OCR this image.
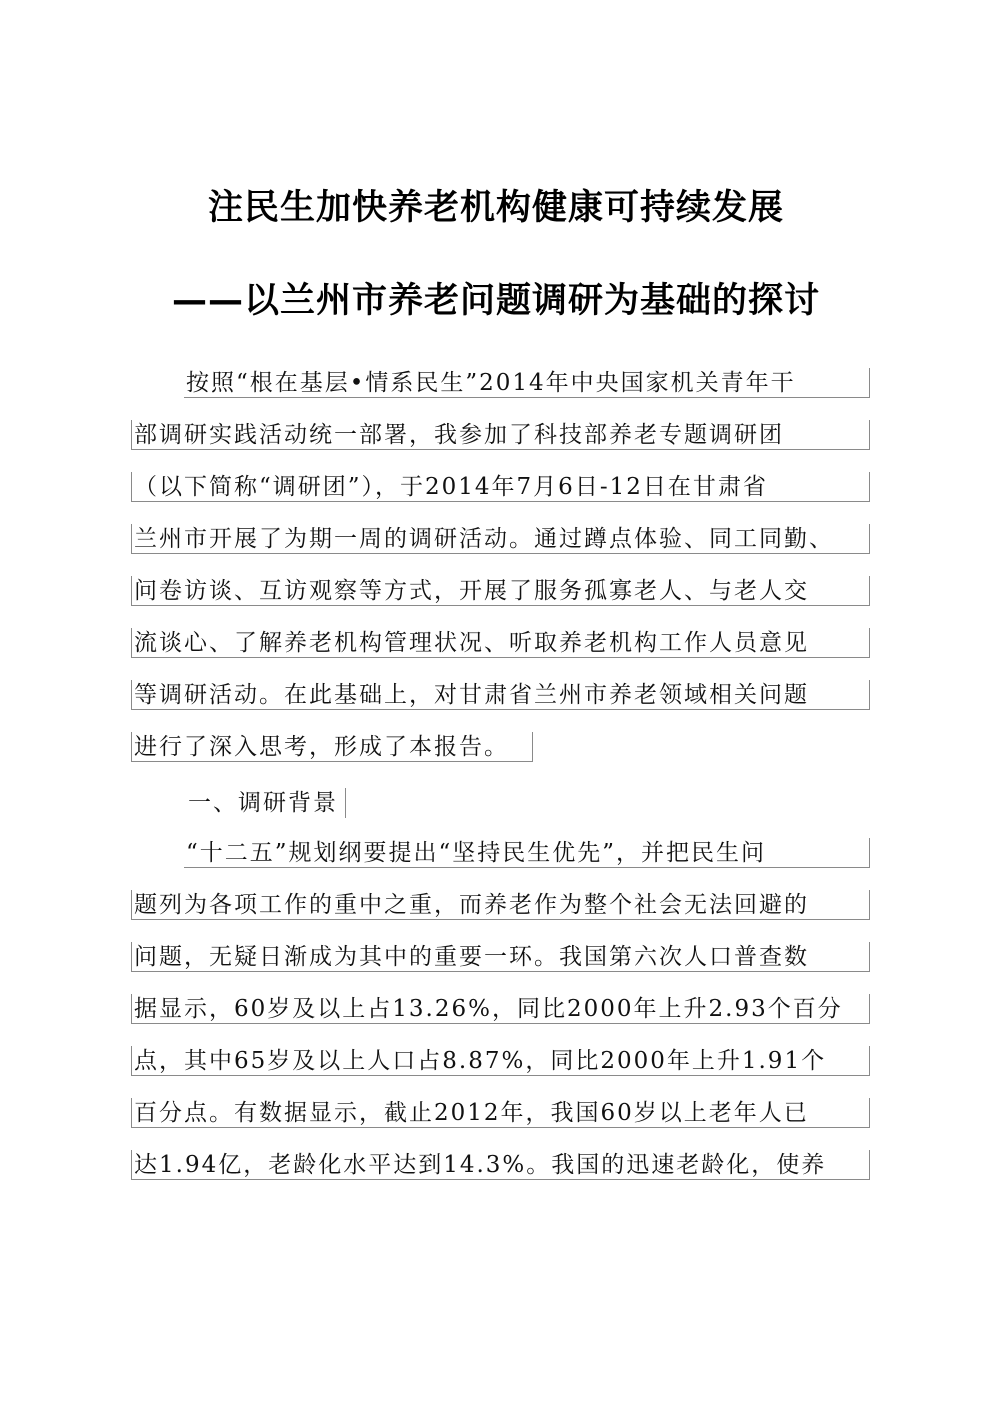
注民生加快养老机构健康可持续发展
——以兰州市养老问题调研为基础的探讨
按照“根在基层•情系民生”2014年中央国家机关青年干
部调研实践活动统一部署，我参加了科技部养老专题调研团
（以下简称“调研团”），于2014年7月6日-12日在甘肃省
兰州市开展了为期一周的调研活动。通过蹲点体验、同工同勤、
问卷访谈、互访观察等方式，开展了服务孤寡老人、与老人交
流谈心、了解养老机构管理状况、听取养老机构工作人员意见
等调研活动。在此基础上，对甘肃省兰州市养老领域相关问题
进行了深入思考，形成了本报告。
一、调研背景
“十二五”规划纲要提出“坚持民生优先”，并把民生问
题列为各项工作的重中之重，而养老作为整个社会无法回避的
问题，无疑日渐成为其中的重要一环。我国第六次人口普查数
据显示，60岁及以上占13.26%，同比2000年上升2.93个百分
点，其中65岁及以上人口占8.87%，同比2000年上升1.91个
百分点。有数据显示，截止2012年，我国60岁以上老年人已
达1.94亿，老龄化水平达到14.3%。我国的迅速老龄化，使养
